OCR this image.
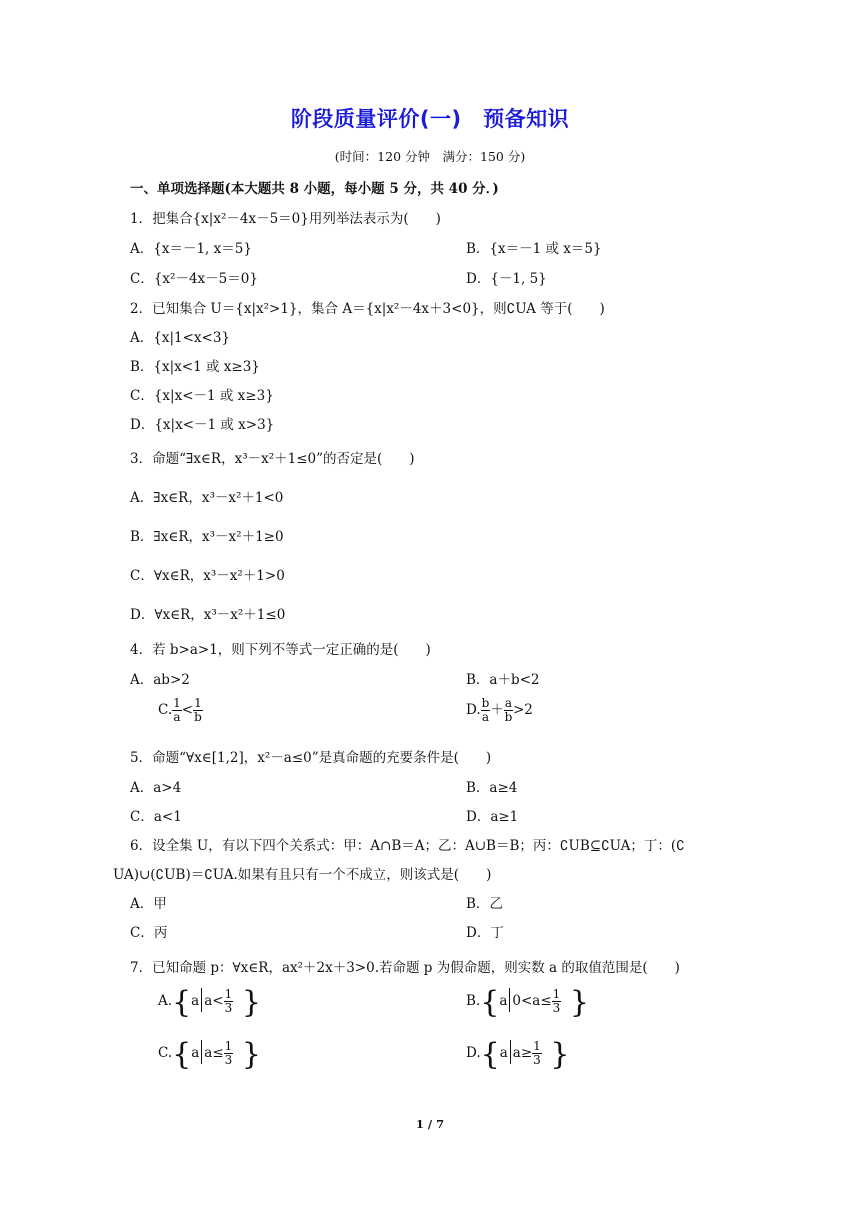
阶段质量评价(一)　预备知识
(时间：120 分钟　满分：150 分)
一、单项选择题(本大题共 8 小题，每小题 5 分，共 40 分．)
1．把集合{x|x²－4x－5＝0}用列举法表示为(　　)
A．{x＝－1, x＝5}	B．{x＝－1 或 x＝5}
C．{x²－4x－5＝0}	D．{－1, 5}
2．已知集合 U＝{x|x²>1}，集合 A＝{x|x²－4x＋3<0}，则∁UA 等于(　　)
A．{x|1<x<3}
B．{x|x<1 或 x≥3}
C．{x|x<－1 或 x≥3}
D．{x|x<－1 或 x>3}
3．命题“∃x∈R，x³－x²＋1≤0”的否定是(　　)
A．∃x∈R，x³－x²＋1<0
B．∃x∈R，x³－x²＋1≥0
C．∀x∈R，x³－x²＋1>0
D．∀x∈R，x³－x²＋1≤0
4．若 b>a>1，则下列不等式一定正确的是(　　)
A．ab>2	B．a＋b<2
C. $\frac{1}{a} < \frac{1}{b}$	D. $\frac{b}{a} + \frac{a}{b} >2$
5．命题“∀x∈[1,2]，x²－a≤0”是真命题的充要条件是(　　)
A．a>4	B．a≥4
C．a<1	D．a≥1
6．设全集 U，有以下四个关系式：甲：A∩B＝A；乙：A∪B＝B；丙：∁UB⊆∁UA；丁：(∁
UA)∪(∁UB)＝∁UA.如果有且只有一个不成立，则该式是(　　)
A．甲	B．乙
C．丙	D．丁
7．已知命题 p：∀x∈R，ax²＋2x＋3>0.若命题 p 为假命题，则实数 a 的取值范围是(　　)
A.{a $a< \frac{1}{3}$ }	B.{a $0<a\le \frac{1}{3}$ }
C.{a $a\le \frac{1}{3}$ }	D.{a $a\ge \frac{1}{3}$ }
1 / 7
